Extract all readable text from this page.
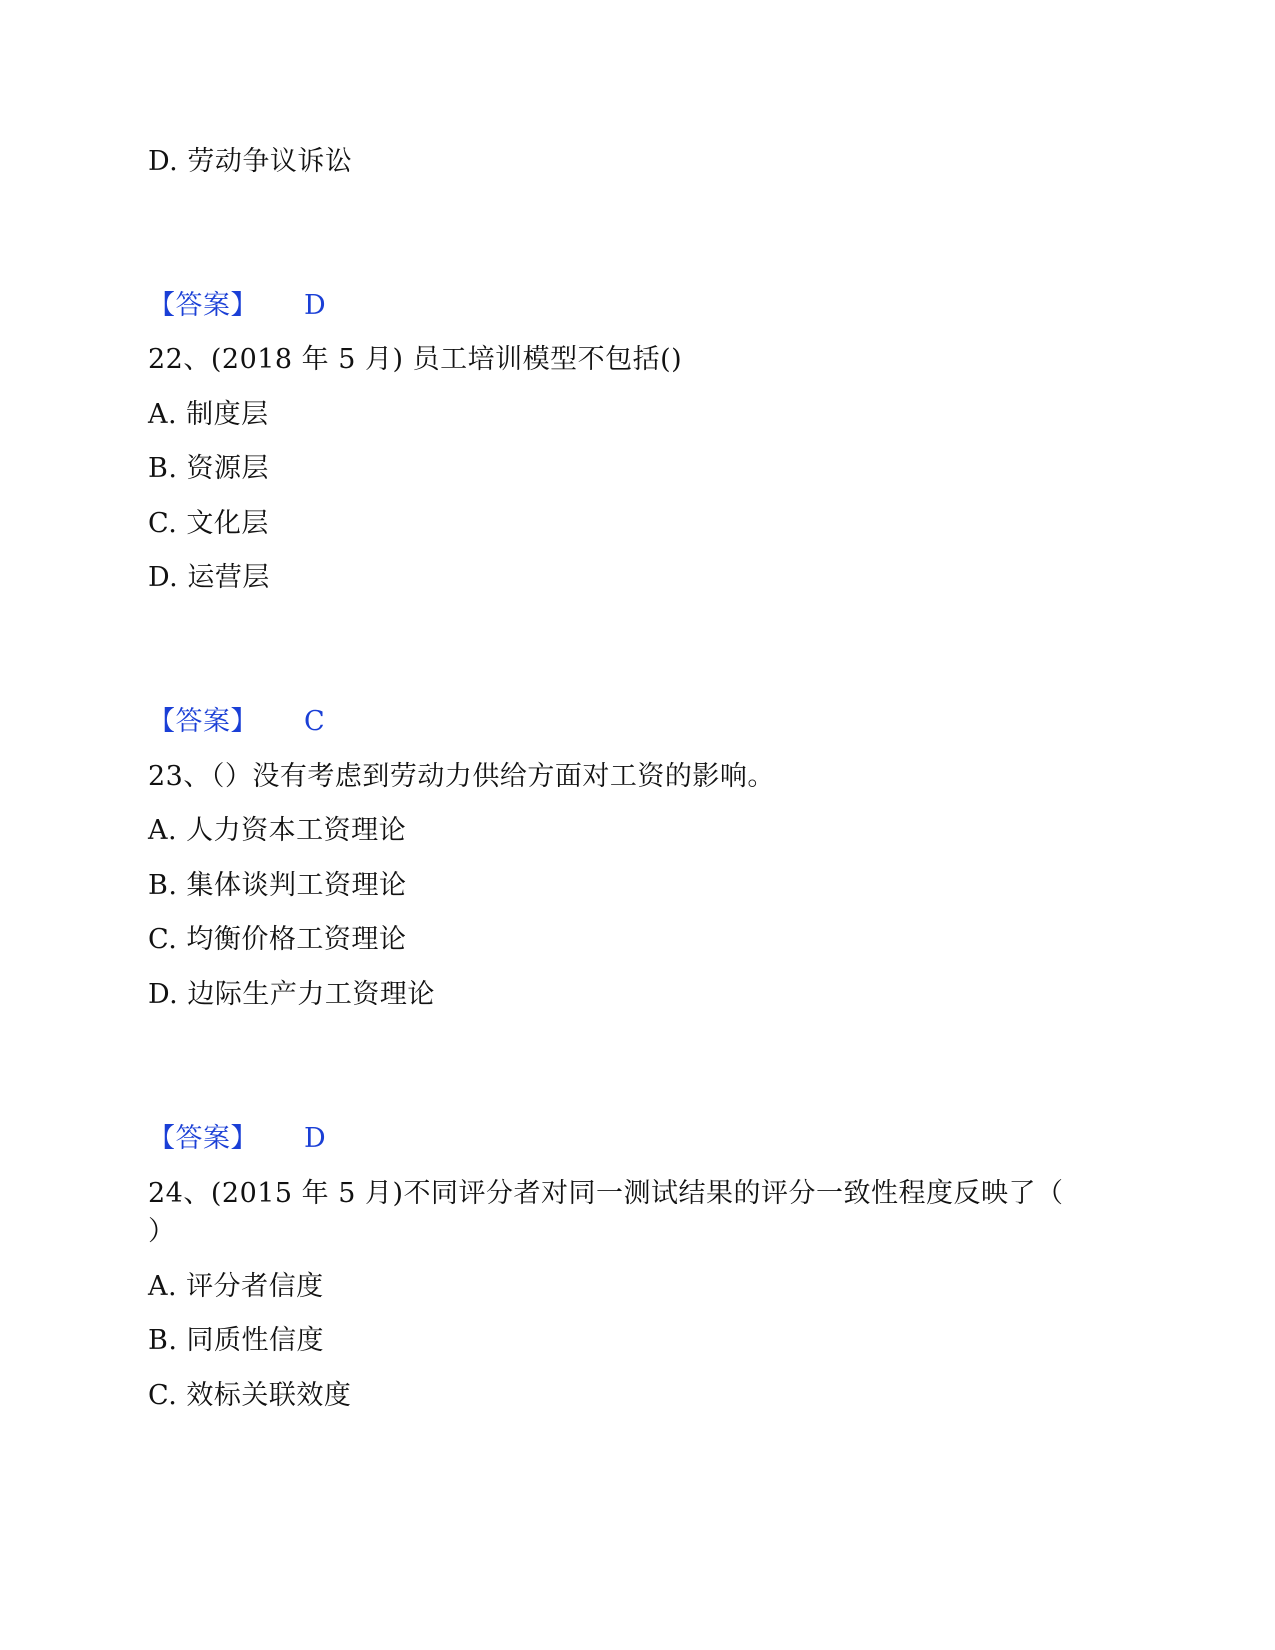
D. 劳动争议诉讼
【答案】 D
22、(2018 年 5 月) 员工培训模型不包括()
A. 制度层
B. 资源层
C. 文化层
D. 运营层
【答案】 C
23、（）没有考虑到劳动力供给方面对工资的影响。
A. 人力资本工资理论
B. 集体谈判工资理论
C. 均衡价格工资理论
D. 边际生产力工资理论
【答案】 D
24、(2015 年 5 月)不同评分者对同一测试结果的评分一致性程度反映了（
）
A. 评分者信度
B. 同质性信度
C. 效标关联效度
